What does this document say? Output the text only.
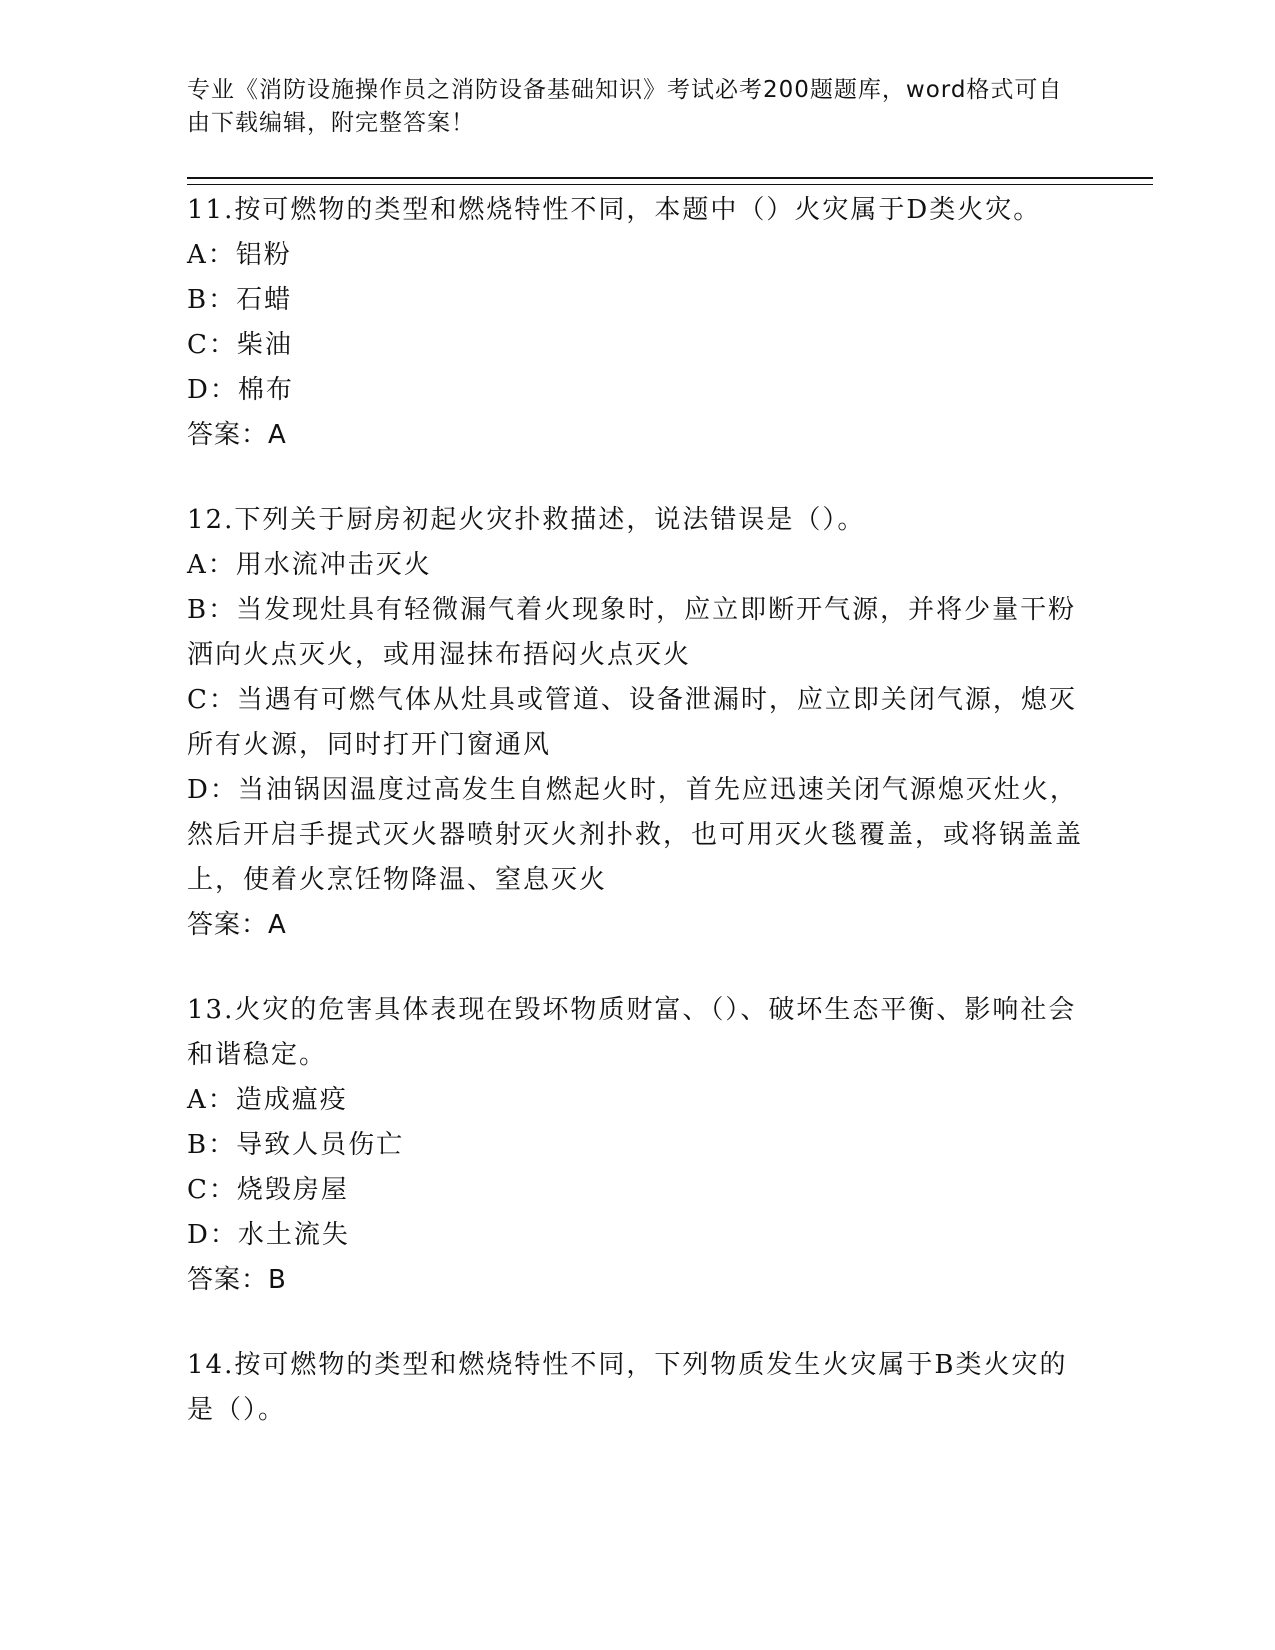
专业《消防设施操作员之消防设备基础知识》考试必考200题题库，word格式可自由下载编辑，附完整答案！

11.按可燃物的类型和燃烧特性不同，本题中（）火灾属于D类火灾。

A：铝粉

B：石蜡

C：柴油

D：棉布

答案：A

12.下列关于厨房初起火灾扑救描述，说法错误是（）。

A：用水流冲击灭火

B：当发现灶具有轻微漏气着火现象时，应立即断开气源，并将少量干粉洒向火点灭火，或用湿抹布捂闷火点灭火

C：当遇有可燃气体从灶具或管道、设备泄漏时，应立即关闭气源，熄灭所有火源，同时打开门窗通风

D：当油锅因温度过高发生自燃起火时，首先应迅速关闭气源熄灭灶火，然后开启手提式灭火器喷射灭火剂扑救，也可用灭火毯覆盖，或将锅盖盖上，使着火烹饪物降温、窒息灭火

答案：A

13.火灾的危害具体表现在毁坏物质财富、（）、破坏生态平衡、影响社会和谐稳定。

A：造成瘟疫

B：导致人员伤亡

C：烧毁房屋

D：水土流失

答案：B

14.按可燃物的类型和燃烧特性不同，下列物质发生火灾属于B类火灾的是（）。
